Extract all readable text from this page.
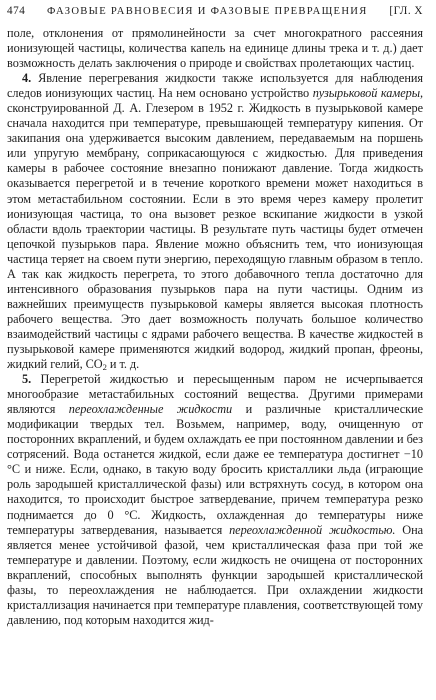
474 ФАЗОВЫЕ РАВНОВЕСИЯ И ФАЗОВЫЕ ПРЕВРАЩЕНИЯ [ГЛ. X

поле, отклонения от прямолинейности за счет многократного рассеяния ионизующей частицы, количества капель на единице длины трека и т. д.) дает возможность делать заключения о природе и свойствах пролетающих частиц.

4. Явление перегревания жидкости также используется для наблюдения следов ионизующих частиц. На нем основано устройство пузырьковой камеры, сконструированной Д. А. Глезером в 1952 г. Жидкость в пузырьковой камере сначала находится при температуре, превышающей температуру кипения. От закипания она удерживается высоким давлением, передаваемым на поршень или упругую мембрану, соприкасающуюся с жидкостью. Для приведения камеры в рабочее состояние внезапно понижают давление. Тогда жидкость оказывается перегретой и в течение короткого времени может находиться в этом метастабильном состоянии. Если в это время через камеру пролетит ионизующая частица, то она вызовет резкое вскипание жидкости в узкой области вдоль траектории частицы. В результате путь частицы будет отмечен цепочкой пузырьков пара. Явление можно объяснить тем, что ионизующая частица теряет на своем пути энергию, переходящую главным образом в тепло. А так как жидкость перегрета, то этого добавочного тепла достаточно для интенсивного образования пузырьков пара на пути частицы. Одним из важнейших преимуществ пузырьковой камеры является высокая плотность рабочего вещества. Это дает возможность получать большое количество взаимодействий частицы с ядрами рабочего вещества. В качестве жидкостей в пузырьковой камере применяются жидкий водород, жидкий пропан, фреоны, жидкий гелий, $CO_2$ и т. д.

5. Перегретой жидкостью и пересыщенным паром не исчерпывается многообразие метастабильных состояний вещества. Другими примерами являются переохлажденные жидкости и различные кристаллические модификации твердых тел. Возьмем, например, воду, очищенную от посторонних вкраплений, и будем охлаждать ее при постоянном давлении и без сотрясений. Вода останется жидкой, если даже ее температура достигнет −10 °C и ниже. Если, однако, в такую воду бросить кристаллики льда (играющие роль зародышей кристаллической фазы) или встряхнуть сосуд, в котором она находится, то происходит быстрое затвердевание, причем температура резко поднимается до 0 °C. Жидкость, охлажденная до температуры ниже температуры затвердевания, называется переохлажденной жидкостью. Она является менее устойчивой фазой, чем кристаллическая фаза при той же температуре и давлении. Поэтому, если жидкость не очищена от посторонних вкраплений, способных выполнять функции зародышей кристаллической фазы, то переохлаждения не наблюдается. При охлаждении жидкости кристаллизация начинается при температуре плавления, соответствующей тому давлению, под которым находится жид-
